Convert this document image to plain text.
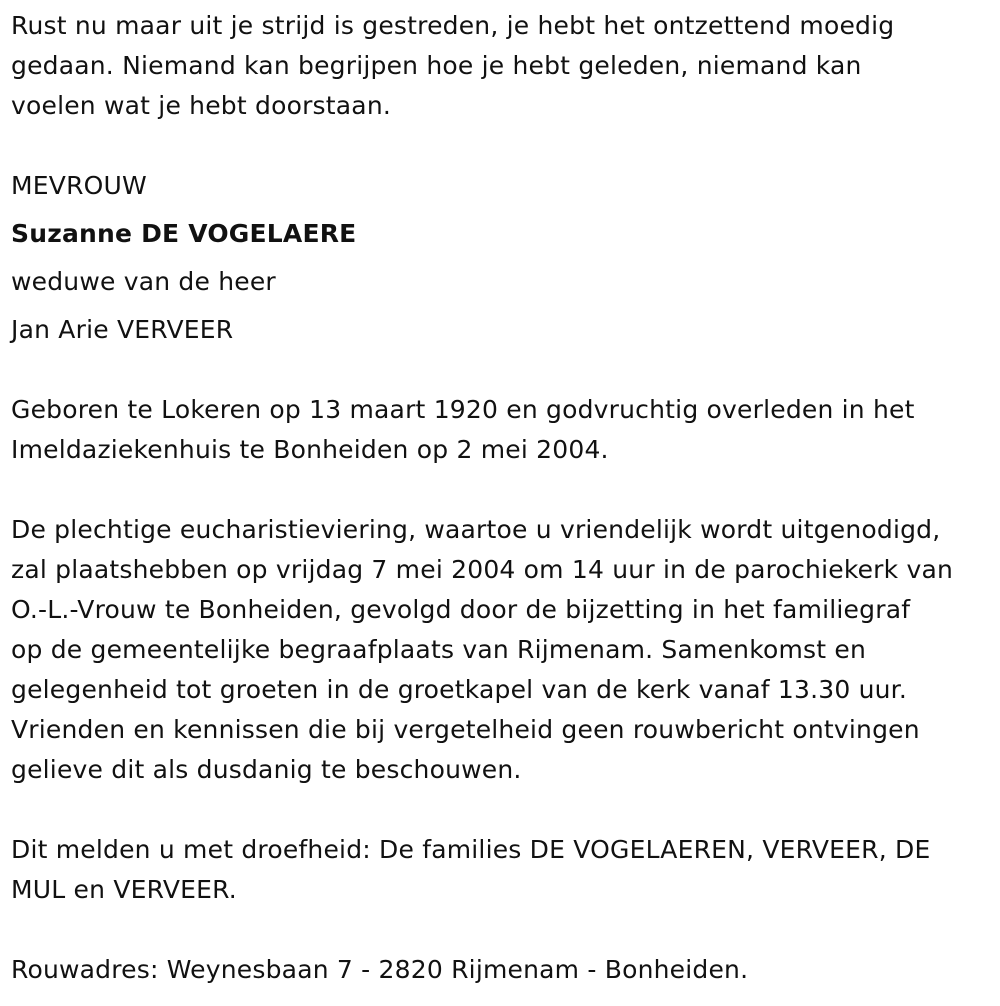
Rust nu maar uit je strijd is gestreden, je hebt het ontzettend moedig
gedaan. Niemand kan begrijpen hoe je hebt geleden, niemand kan
voelen wat je hebt doorstaan.
MEVROUW
Suzanne DE VOGELAERE
weduwe van de heer
Jan Arie VERVEER
Geboren te Lokeren op 13 maart 1920 en godvruchtig overleden in het
Imeldaziekenhuis te Bonheiden op 2 mei 2004.
De plechtige eucharistieviering, waartoe u vriendelijk wordt uitgenodigd,
zal plaatshebben op vrijdag 7 mei 2004 om 14 uur in de parochiekerk van
O.-L.-Vrouw te Bonheiden, gevolgd door de bijzetting in het familiegraf
op de gemeentelijke begraafplaats van Rijmenam. Samenkomst en
gelegenheid tot groeten in de groetkapel van de kerk vanaf 13.30 uur.
Vrienden en kennissen die bij vergetelheid geen rouwbericht ontvingen
gelieve dit als dusdanig te beschouwen.
Dit melden u met droefheid: De families DE VOGELAEREN, VERVEER, DE
MUL en VERVEER.
Rouwadres: Weynesbaan 7 - 2820 Rijmenam - Bonheiden.
